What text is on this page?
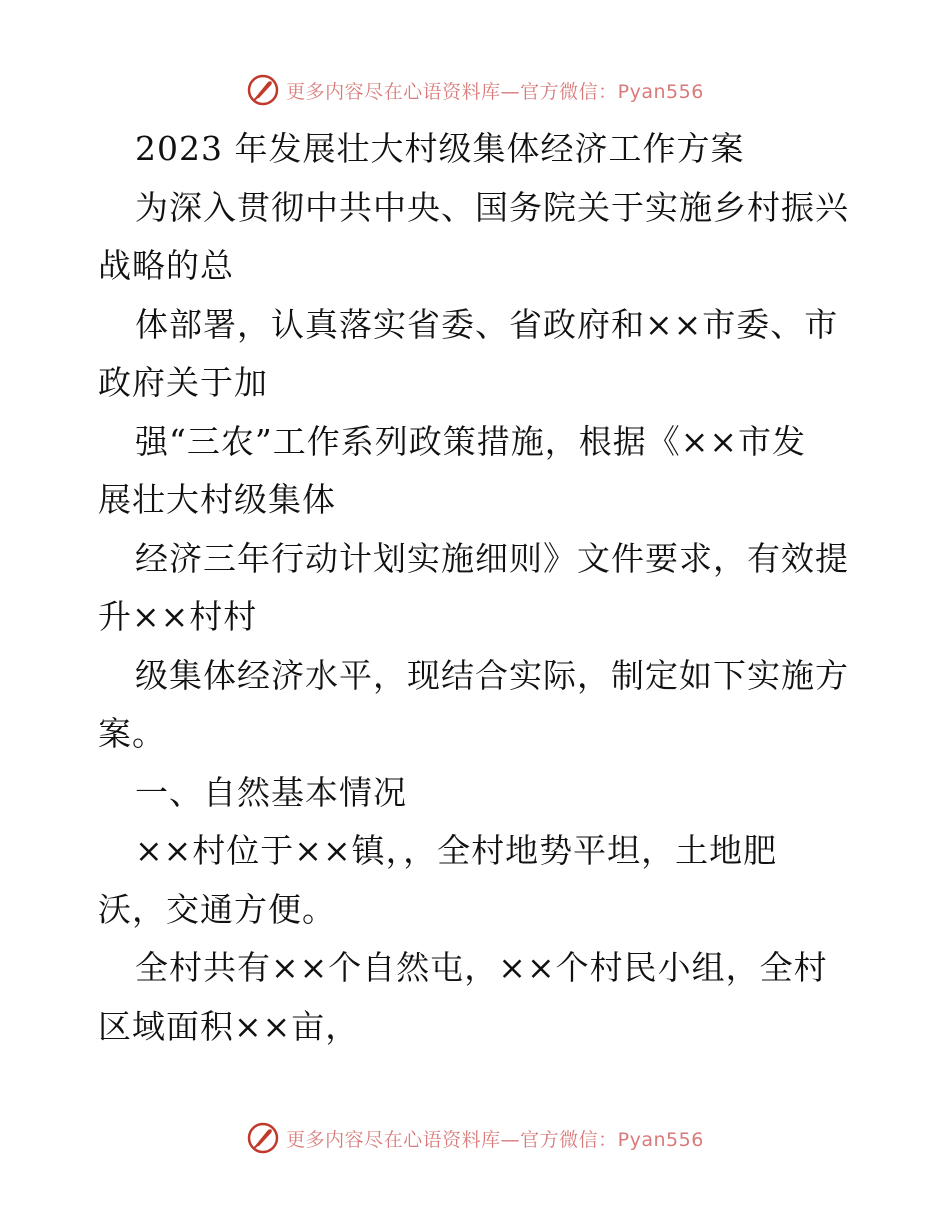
更多内容尽在心语资料库—官方微信：Pyan556
2023 年发展壮大村级集体经济工作方案
为深入贯彻中共中央、国务院关于实施乡村振兴
战略的总
体部署，认真落实省委、省政府和××市委、市
政府关于加
强“三农”工作系列政策措施，根据《××市发
展壮大村级集体
经济三年行动计划实施细则》文件要求，有效提
升××村村
级集体经济水平，现结合实际，制定如下实施方
案。
一、自然基本情况
××村位于××镇，，全村地势平坦，土地肥
沃，交通方便。
全村共有××个自然屯，××个村民小组，全村
区域面积××亩，
更多内容尽在心语资料库—官方微信：Pyan556
